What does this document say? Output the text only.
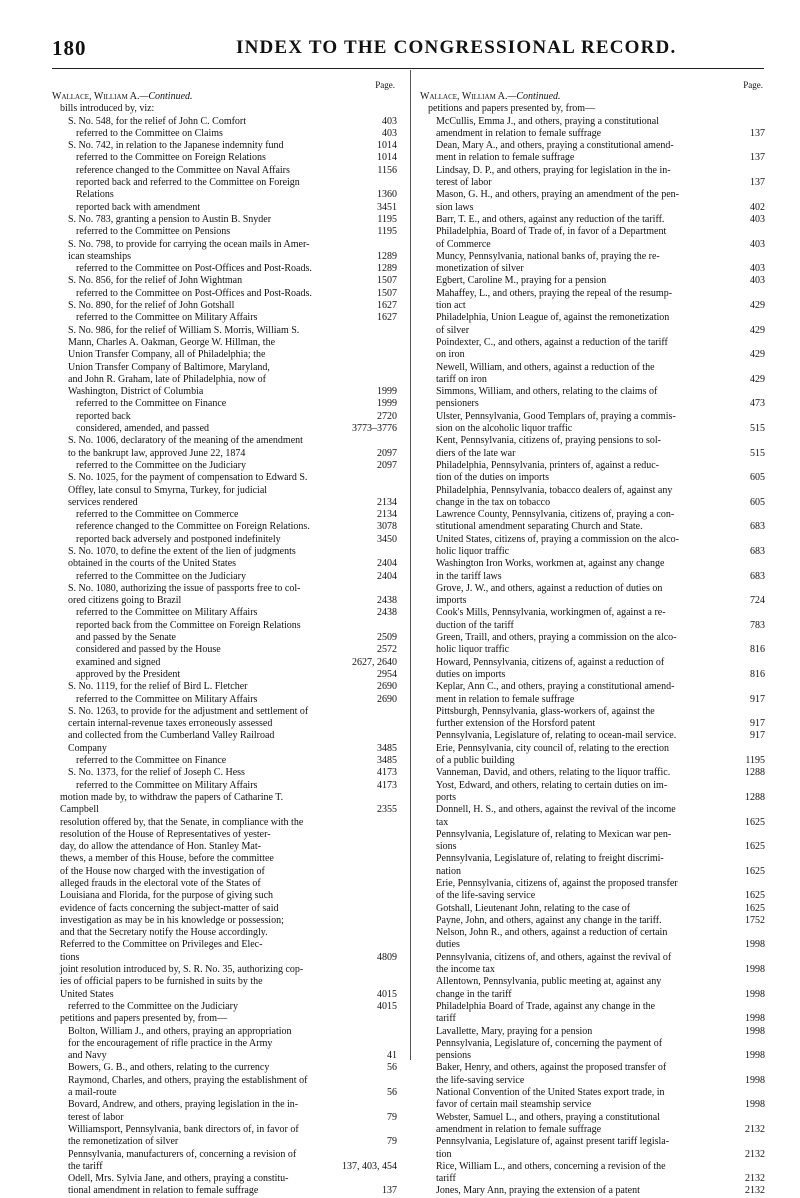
180	INDEX TO THE CONGRESSIONAL RECORD.
Page.
Wallace, William A.—Continued.
bills introduced by, viz:
S. No. 548, for the relief of John C. Comfort	403
referred to the Committee on Claims	403
S. No. 742, in relation to the Japanese indemnity fund	1014
referred to the Committee on Foreign Relations	1014
reference changed to the Committee on Naval Affairs	1156
reported back and referred to the Committee on Foreign
Relations	1360
reported back with amendment	3451
S. No. 783, granting a pension to Austin B. Snyder	1195
referred to the Committee on Pensions	1195
S. No. 798, to provide for carrying the ocean mails in Amer-
ican steamships	1289
referred to the Committee on Post-Offices and Post-Roads.	1289
S. No. 856, for the relief of John Wightman	1507
referred to the Committee on Post-Offices and Post-Roads.	1507
S. No. 890, for the relief of John Gotshall	1627
referred to the Committee on Military Affairs	1627
S. No. 986, for the relief of William S. Morris, William S.
Mann, Charles A. Oakman, George W. Hillman, the
Union Transfer Company, all of Philadelphia; the
Union Transfer Company of Baltimore, Maryland,
and John R. Graham, late of Philadelphia, now of
Washington, District of Columbia	1999
referred to the Committee on Finance	1999
reported back	2720
considered, amended, and passed	3773–3776
S. No. 1006, declaratory of the meaning of the amendment
to the bankrupt law, approved June 22, 1874	2097
referred to the Committee on the Judiciary	2097
S. No. 1025, for the payment of compensation to Edward S.
Offley, late consul to Smyrna, Turkey, for judicial
services rendered	2134
referred to the Committee on Commerce	2134
reference changed to the Committee on Foreign Relations.	3078
reported back adversely and postponed indefinitely	3450
S. No. 1070, to define the extent of the lien of judgments
obtained in the courts of the United States	2404
referred to the Committee on the Judiciary	2404
S. No. 1080, authorizing the issue of passports free to col-
ored citizens going to Brazil	2438
referred to the Committee on Military Affairs	2438
reported back from the Committee on Foreign Relations
and passed by the Senate	2509
considered and passed by the House	2572
examined and signed	2627, 2640
approved by the President	2954
S. No. 1119, for the relief of Bird L. Fletcher	2690
referred to the Committee on Military Affairs	2690
S. No. 1263, to provide for the adjustment and settlement of
certain internal-revenue taxes erroneously assessed
and collected from the Cumberland Valley Railroad
Company	3485
referred to the Committee on Finance	3485
S. No. 1373, for the relief of Joseph C. Hess	4173
referred to the Committee on Military Affairs	4173
motion made by, to withdraw the papers of Catharine T.
Campbell	2355
resolution offered by, that the Senate, in compliance with the
resolution of the House of Representatives of yester-
day, do allow the attendance of Hon. Stanley Mat-
thews, a member of this House, before the committee
of the House now charged with the investigation of
alleged frauds in the electoral vote of the States of
Louisiana and Florida, for the purpose of giving such
evidence of facts concerning the subject-matter of said
investigation as may be in his knowledge or possession;
and that the Secretary notify the House accordingly.
Referred to the Committee on Privileges and Elec-
tions	4809
joint resolution introduced by, S. R. No. 35, authorizing cop-
ies of official papers to be furnished in suits by the
United States	4015
referred to the Committee on the Judiciary	4015
petitions and papers presented by, from—
Bolton, William J., and others, praying an appropriation
for the encouragement of rifle practice in the Army
and Navy	41
Bowers, G. B., and others, relating to the currency	56
Raymond, Charles, and others, praying the establishment of
a mail-route	56
Bovard, Andrew, and others, praying legislation in the in-
terest of labor	79
Williamsport, Pennsylvania, bank directors of, in favor of
the remonetization of silver	79
Pennsylvania, manufacturers of, concerning a revision of
the tariff	137, 403, 454
Odell, Mrs. Sylvia Jane, and others, praying a constitu-
tional amendment in relation to female suffrage	137
Page.
Wallace, William A.—Continued.
petitions and papers presented by, from—
McCullis, Emma J., and others, praying a constitutional
amendment in relation to female suffrage	137
Dean, Mary A., and others, praying a constitutional amend-
ment in relation to female suffrage	137
Lindsay, D. P., and others, praying for legislation in the in-
terest of labor	137
Mason, G. H., and others, praying an amendment of the pen-
sion laws	402
Barr, T. E., and others, against any reduction of the tariff.	403
Philadelphia, Board of Trade of, in favor of a Department
of Commerce	403
Muncy, Pennsylvania, national banks of, praying the re-
monetization of silver	403
Egbert, Caroline M., praying for a pension	403
Mahaffey, L., and others, praying the repeal of the resump-
tion act	429
Philadelphia, Union League of, against the remonetization
of silver	429
Poindexter, C., and others, against a reduction of the tariff
on iron	429
Newell, William, and others, against a reduction of the
tariff on iron	429
Simmons, William, and others, relating to the claims of
pensioners	473
Ulster, Pennsylvania, Good Templars of, praying a commis-
sion on the alcoholic liquor traffic	515
Kent, Pennsylvania, citizens of, praying pensions to sol-
diers of the late war	515
Philadelphia, Pennsylvania, printers of, against a reduc-
tion of the duties on imports	605
Philadelphia, Pennsylvania, tobacco dealers of, against any
change in the tax on tobacco	605
Lawrence County, Pennsylvania, citizens of, praying a con-
stitutional amendment separating Church and State.	683
United States, citizens of, praying a commission on the alco-
holic liquor traffic	683
Washington Iron Works, workmen at, against any change
in the tariff laws	683
Grove, J. W., and others, against a reduction of duties on
imports	724
Cook's Mills, Pennsylvania, workingmen of, against a re-
duction of the tariff	783
Green, Traill, and others, praying a commission on the alco-
holic liquor traffic	816
Howard, Pennsylvania, citizens of, against a reduction of
duties on imports	816
Keplar, Ann C., and others, praying a constitutional amend-
ment in relation to female suffrage	917
Pittsburgh, Pennsylvania, glass-workers of, against the
further extension of the Horsford patent	917
Pennsylvania, Legislature of, relating to ocean-mail service.	917
Erie, Pennsylvania, city council of, relating to the erection
of a public building	1195
Vanneman, David, and others, relating to the liquor traffic.	1288
Yost, Edward, and others, relating to certain duties on im-
ports	1288
Donnell, H. S., and others, against the revival of the income
tax	1625
Pennsylvania, Legislature of, relating to Mexican war pen-
sions	1625
Pennsylvania, Legislature of, relating to freight discrimi-
nation	1625
Erie, Pennsylvania, citizens of, against the proposed transfer
of the life-saving service	1625
Gotshall, Lieutenant John, relating to the case of	1625
Payne, John, and others, against any change in the tariff.	1752
Nelson, John R., and others, against a reduction of certain
duties	1998
Pennsylvania, citizens of, and others, against the revival of
the income tax	1998
Allentown, Pennsylvania, public meeting at, against any
change in the tariff	1998
Philadelphia Board of Trade, against any change in the
tariff	1998
Lavallette, Mary, praying for a pension	1998
Pennsylvania, Legislature of, concerning the payment of
pensions	1998
Baker, Henry, and others, against the proposed transfer of
the life-saving service	1998
National Convention of the United States export trade, in
favor of certain mail steamship service	1998
Webster, Samuel L., and others, praying a constitutional
amendment in relation to female suffrage	2132
Pennsylvania, Legislature of, against present tariff legisla-
tion	2132
Rice, William L., and others, concerning a revision of the
tariff	2132
Jones, Mary Ann, praying the extension of a patent	2132
